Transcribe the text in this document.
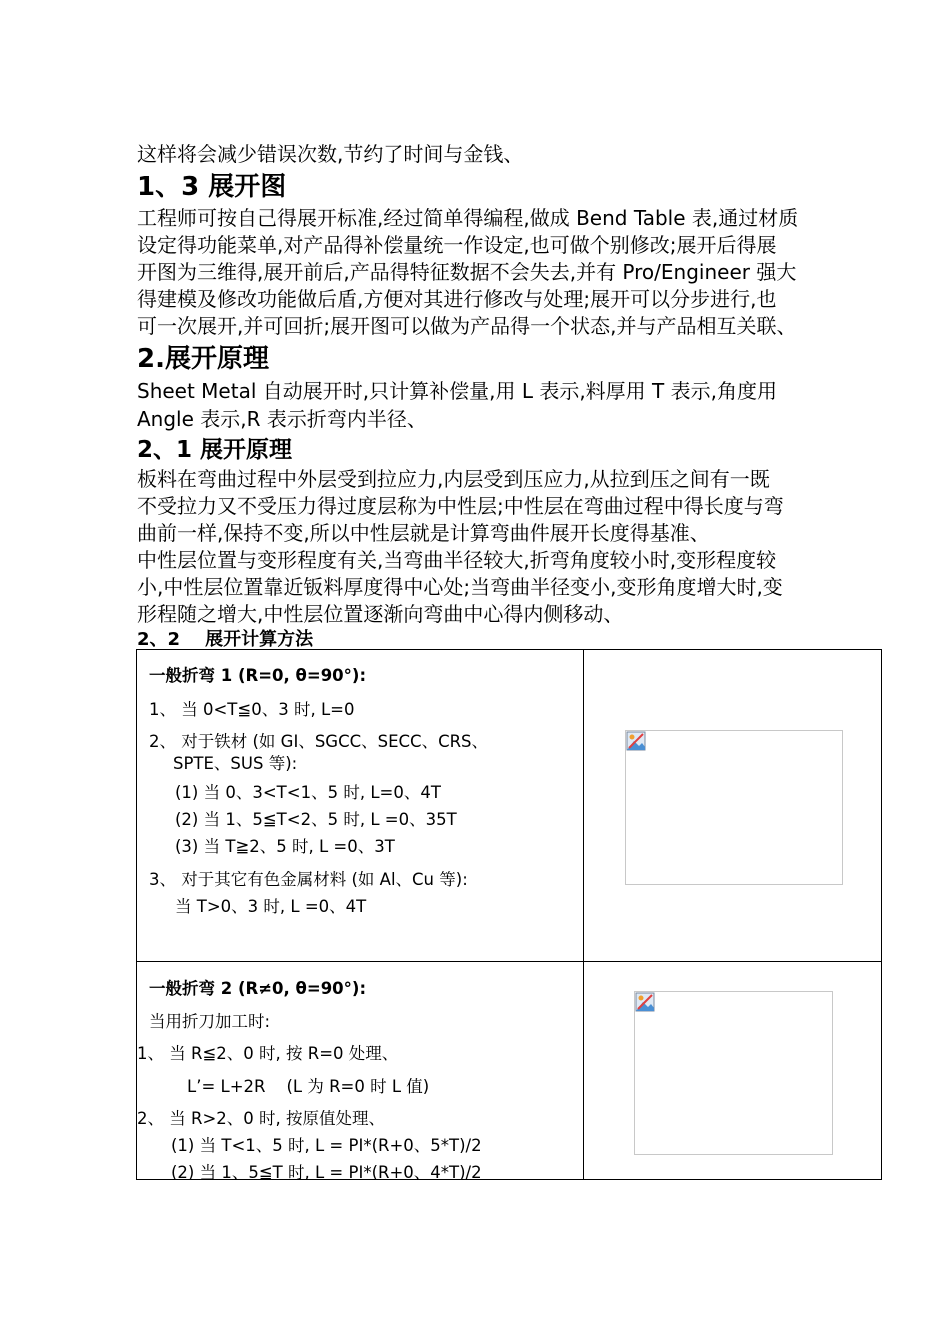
这样将会减少错误次数,节约了时间与金钱、
1、3 展开图
工程师可按自己得展开标准,经过简单得编程,做成 Bend Table 表,通过材质
设定得功能菜单,对产品得补偿量统一作设定,也可做个别修改;展开后得展
开图为三维得,展开前后,产品得特征数据不会失去,并有 Pro/Engineer 强大
得建模及修改功能做后盾,方便对其进行修改与处理;展开可以分步进行,也
可一次展开,并可回折;展开图可以做为产品得一个状态,并与产品相互关联、
2.展开原理
Sheet Metal 自动展开时,只计算补偿量,用 L 表示,料厚用 T 表示,角度用
Angle 表示,R 表示折弯内半径、
2、1 展开原理
板料在弯曲过程中外层受到拉应力,内层受到压应力,从拉到压之间有一既
不受拉力又不受压力得过度层称为中性层;中性层在弯曲过程中得长度与弯
曲前一样,保持不变,所以中性层就是计算弯曲件展开长度得基准、
中性层位置与变形程度有关,当弯曲半径较大,折弯角度较小时,变形程度较
小,中性层位置靠近钣料厚度得中心处;当弯曲半径变小,变形角度增大时,变
形程随之增大,中性层位置逐渐向弯曲中心得内侧移动、
2、2    展开计算方法
一般折弯 1 (R=0, θ=90°):
1、 当 0<T≦0、3 时, L=0
2、 对于铁材 (如 GI、SGCC、SECC、CRS、
SPTE、SUS 等):
(1) 当 0、3<T<1、5 时, L=0、4T
(2) 当 1、5≦T<2、5 时, L =0、35T
(3) 当 T≧2、5 时, L =0、3T
3、 对于其它有色金属材料 (如 Al、Cu 等):
当 T>0、3 时, L =0、4T
一般折弯 2 (R≠0, θ=90°):
当用折刀加工时:
1、 当 R≦2、0 时, 按 R=0 处理、
L’= L+2R    (L 为 R=0 时 L 值)
2、 当 R>2、0 时, 按原值处理、
(1) 当 T<1、5 时, L = PI*(R+0、5*T)/2
(2) 当 1、5≦T 时, L = PI*(R+0、4*T)/2
